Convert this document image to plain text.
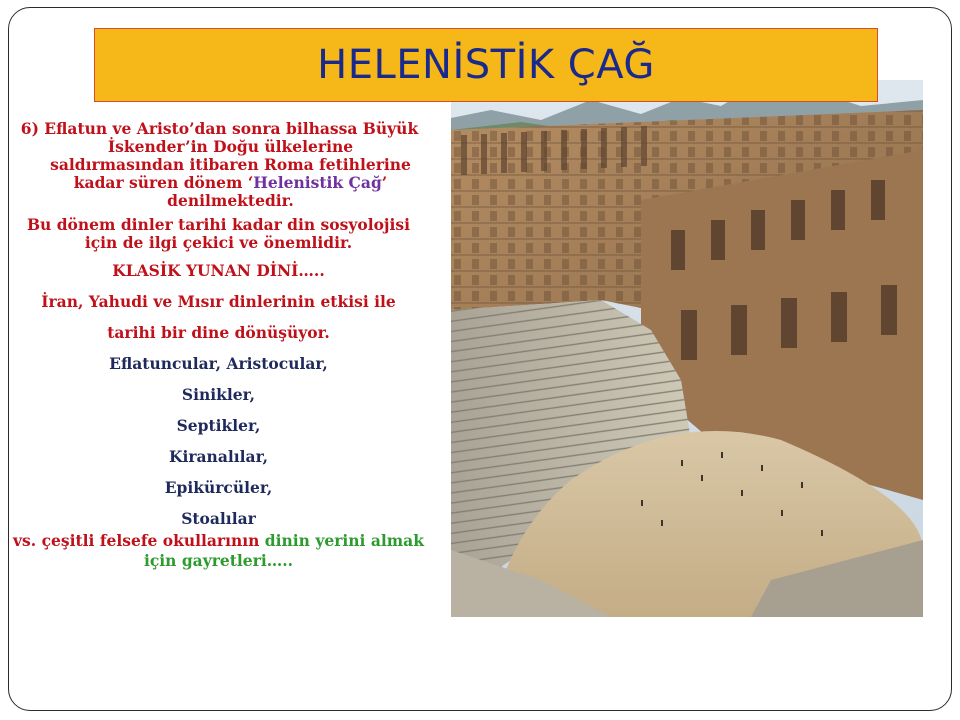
HELENİSTİK ÇAĞ

6) Eflatun ve Aristo’dan sonra bilhassa Büyük İskender’in Doğu ülkelerine saldırmasından itibaren Roma fetihlerine kadar süren dönem ‘Helenistik Çağ’ denilmektedir.

Bu dönem dinler tarihi kadar din sosyolojisi için de ilgi çekici ve önemlidir.

KLASİK YUNAN DİNİ…..

İran, Yahudi ve Mısır dinlerinin etkisi ile

tarihi bir dine dönüşüyor.

Eflatuncular, Aristocular,

Sinikler,

Septikler,

Kiranalılar,

Epikürcüler,

Stoalılar

vs. çeşitli felsefe okullarının dinin yerini almak için gayretleri…..
